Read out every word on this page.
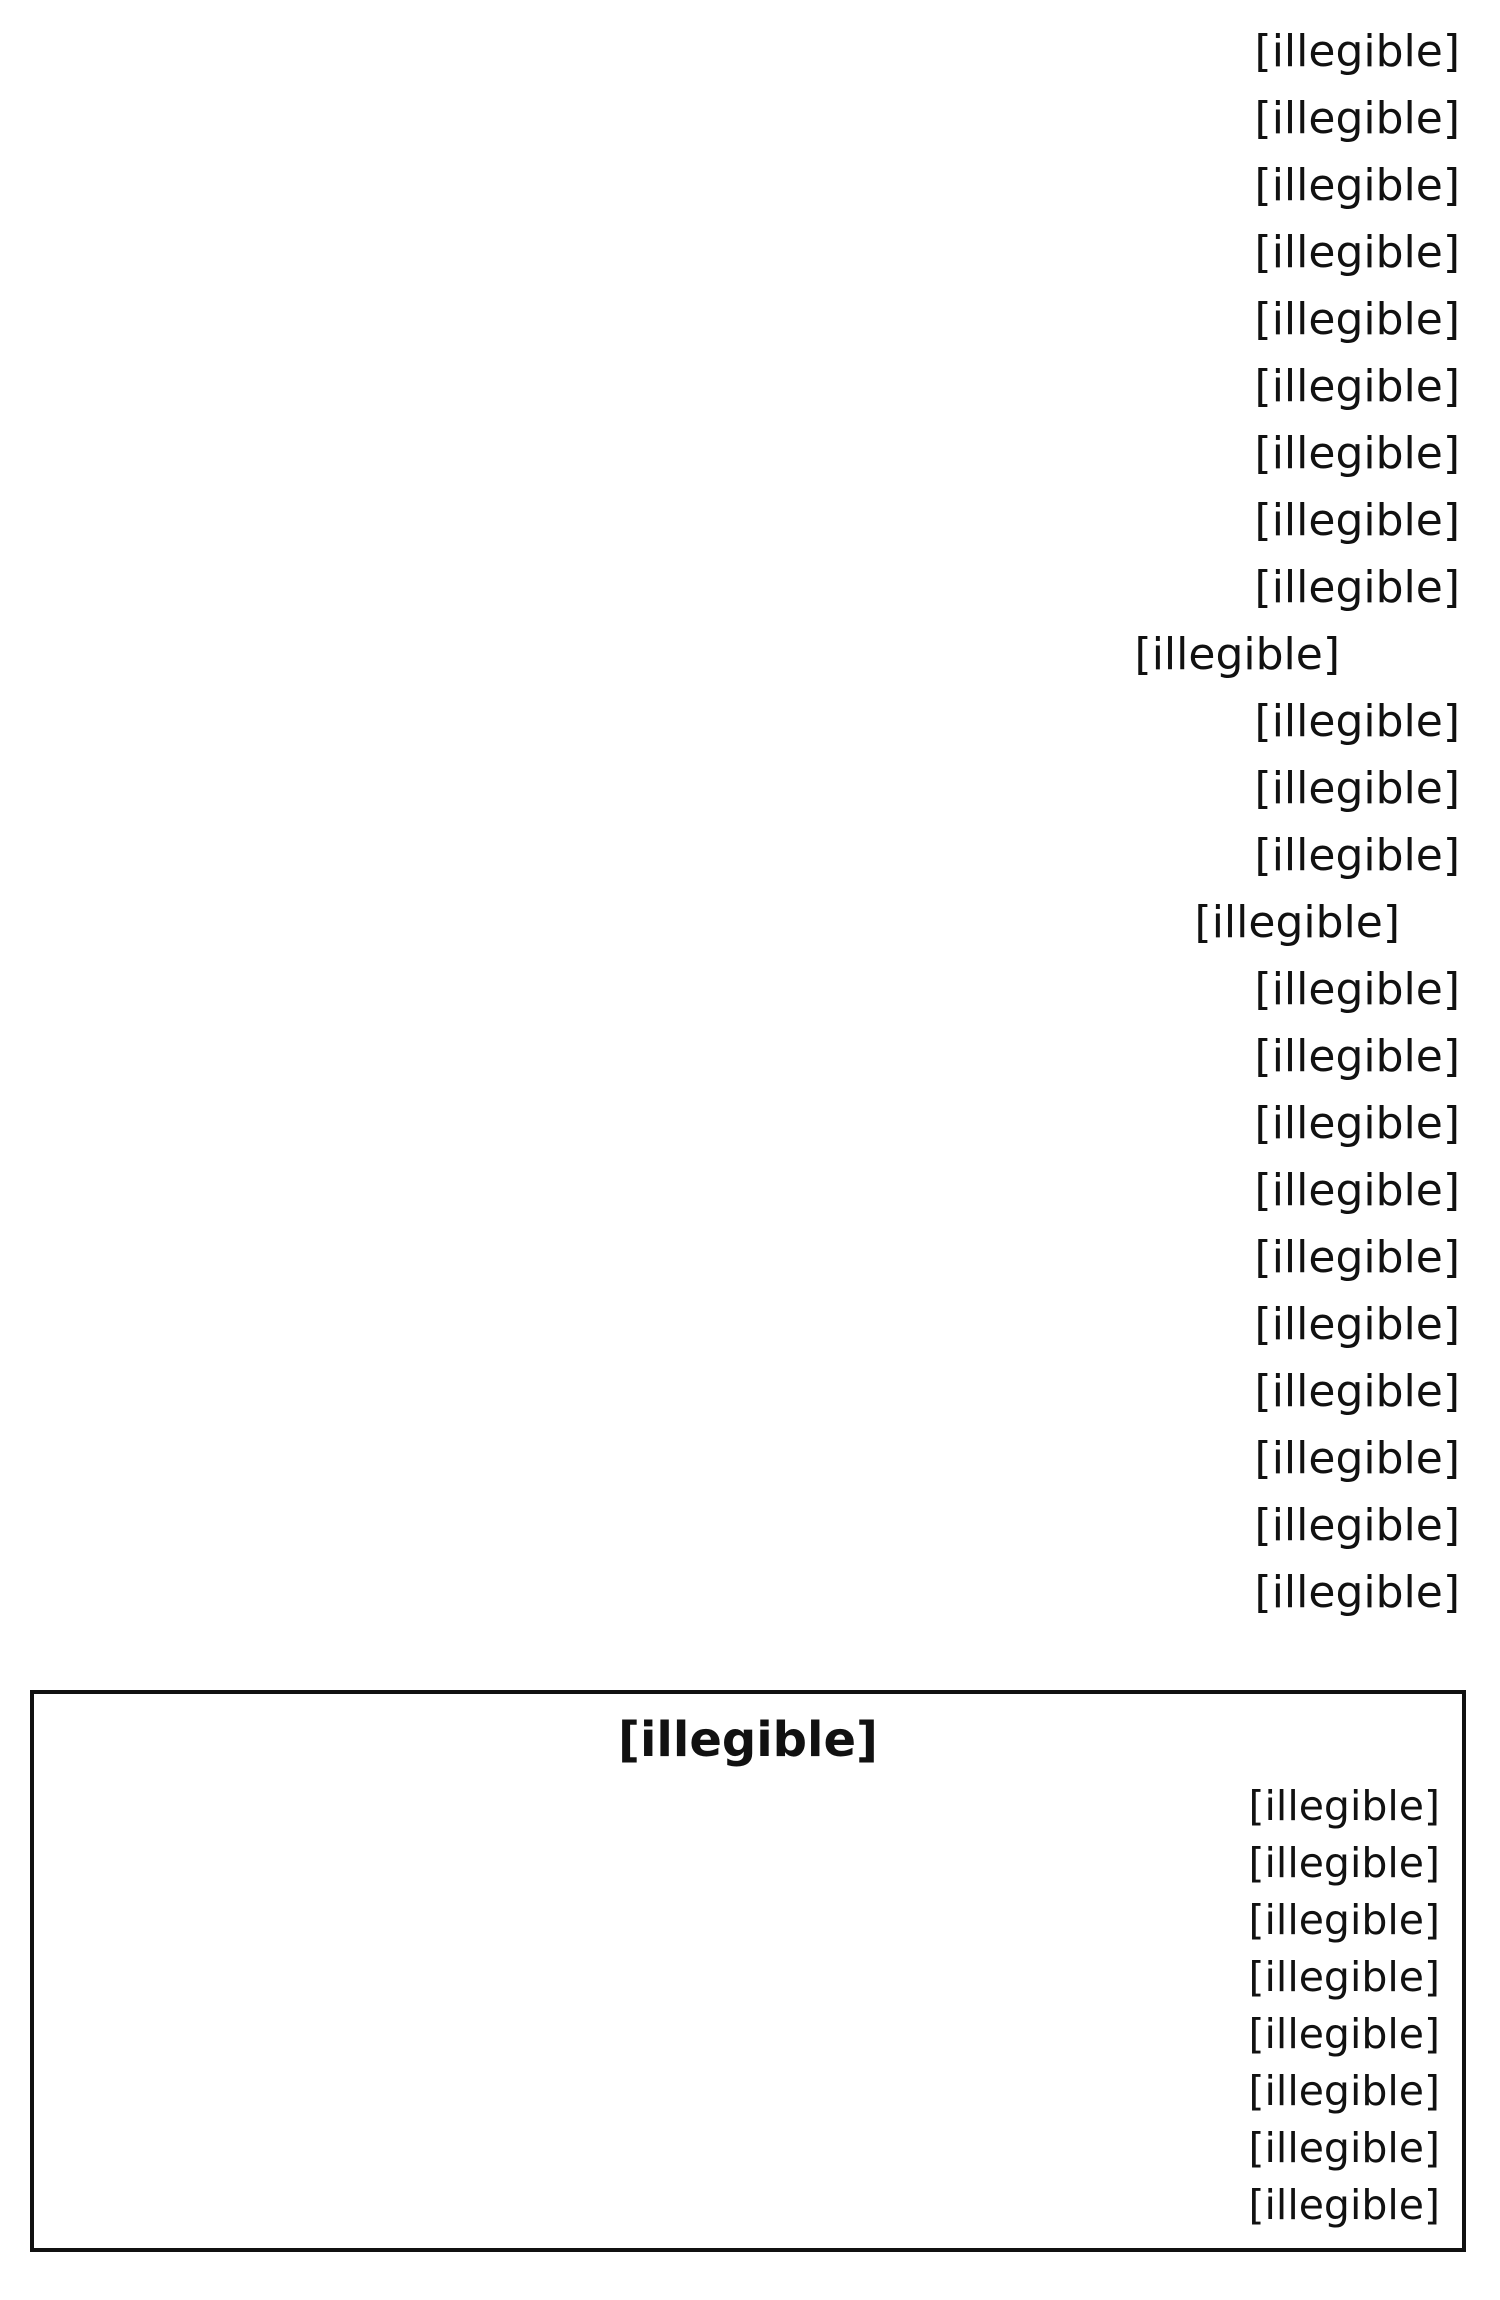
[illegible]
[illegible]
[illegible]
[illegible]
[illegible]
[illegible]
[illegible]
[illegible]
[illegible]
[illegible]
[illegible]
[illegible]
[illegible]
[illegible]
[illegible]
[illegible]
[illegible]
[illegible]
[illegible]
[illegible]
[illegible]
[illegible]
[illegible]
[illegible]
[illegible]
[illegible]
[illegible]
[illegible]
[illegible]
[illegible]
[illegible]
[illegible]
[illegible]
